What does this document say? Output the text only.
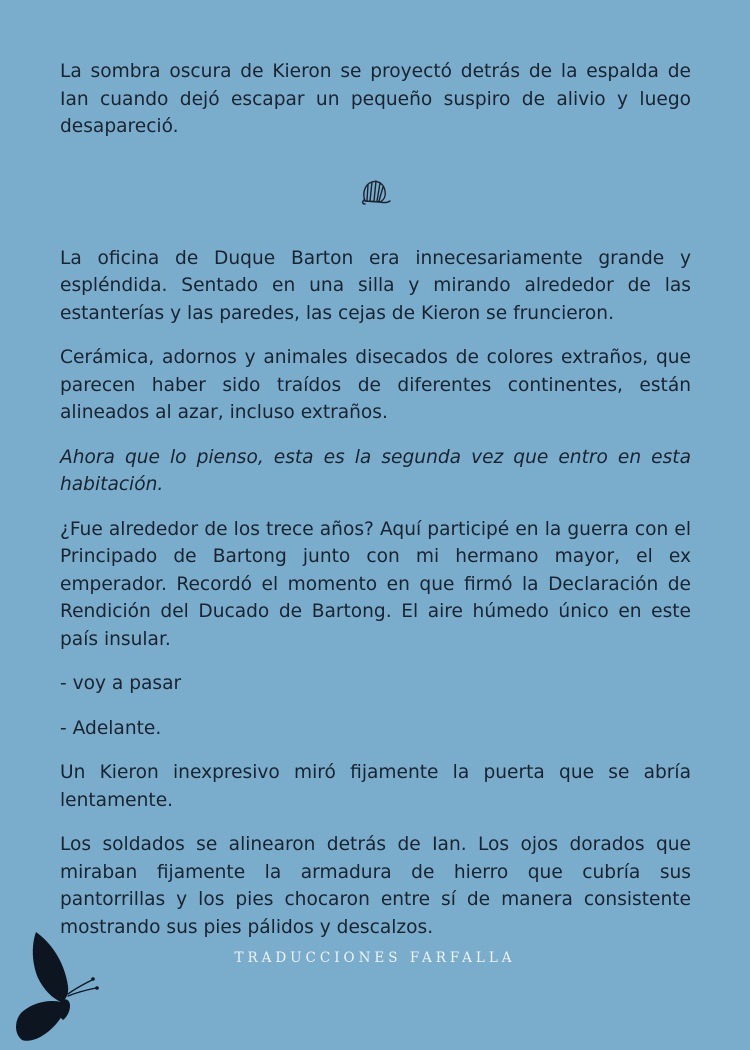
La sombra oscura de Kieron se proyectó detrás de la espalda de Ian cuando dejó escapar un pequeño suspiro de alivio y luego desapareció.

La oficina de Duque Barton era innecesariamente grande y espléndida. Sentado en una silla y mirando alrededor de las estanterías y las paredes, las cejas de Kieron se fruncieron.

Cerámica, adornos y animales disecados de colores extraños, que parecen haber sido traídos de diferentes continentes, están alineados al azar, incluso extraños.

Ahora que lo pienso, esta es la segunda vez que entro en esta habitación.

¿Fue alrededor de los trece años? Aquí participé en la guerra con el Principado de Bartong junto con mi hermano mayor, el ex emperador. Recordó el momento en que firmó la Declaración de Rendición del Ducado de Bartong. El aire húmedo único en este país insular.

- voy a pasar

- Adelante.

Un Kieron inexpresivo miró fijamente la puerta que se abría lentamente.

Los soldados se alinearon detrás de Ian. Los ojos dorados que miraban fijamente la armadura de hierro que cubría sus pantorrillas y los pies chocaron entre sí de manera consistente mostrando sus pies pálidos y descalzos.

TRADUCCIONES FARFALLA
